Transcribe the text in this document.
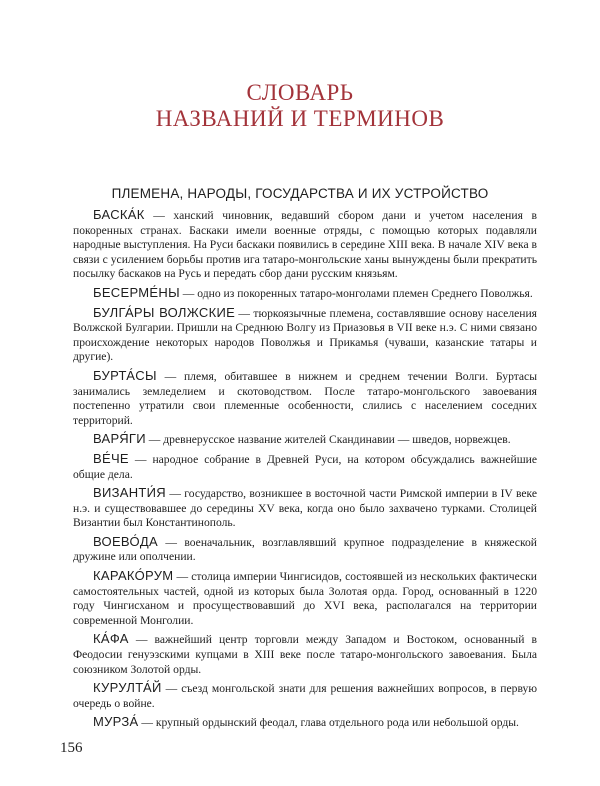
СЛОВАРЬ
НАЗВАНИЙ И ТЕРМИНОВ
ПЛЕМЕНА, НАРОДЫ, ГОСУДАРСТВА И ИХ УСТРОЙСТВО

БАСКА́К — ханский чиновник, ведавший сбором дани и учетом населения в покоренных странах. Баскаки имели военные отряды, с помощью которых подавляли народные выступления. На Руси баскаки появились в середине XIII века. В начале XIV века в связи с усилением борьбы против ига татаро-монгольские ханы вынуждены были прекратить посылку баскаков на Русь и передать сбор дани русским князьям.

БЕСЕРМЕ́НЫ — одно из покоренных татаро-монголами племен Среднего Поволжья.

БУЛГА́РЫ ВОЛЖСКИЕ — тюркоязычные племена, составлявшие основу населения Волжской Булгарии. Пришли на Среднюю Волгу из Приазовья в VII веке н.э. С ними связано происхождение некоторых народов Поволжья и Прикамья (чуваши, казанские татары и другие).

БУРТА́СЫ — племя, обитавшее в нижнем и среднем течении Волги. Буртасы занимались земледелием и скотоводством. После татаро-монгольского завоевания постепенно утратили свои племенные особенности, слились с населением соседних территорий.

ВАРЯ́ГИ — древнерусское название жителей Скандинавии — шведов, норвежцев.

ВЕ́ЧЕ — народное собрание в Древней Руси, на котором обсуждались важнейшие общие дела.

ВИЗАНТИ́Я — государство, возникшее в восточной части Римской империи в IV веке н.э. и существовавшее до середины XV века, когда оно было захвачено турками. Столицей Византии был Константинополь.

ВОЕВО́ДА — военачальник, возглавлявший крупное подразделение в княжеской дружине или ополчении.

КАРАКО́РУМ — столица империи Чингисидов, состоявшей из нескольких фактически самостоятельных частей, одной из которых была Золотая орда. Город, основанный в 1220 году Чингисханом и просуществовавший до XVI века, располагался на территории современной Монголии.

КА́ФА — важнейший центр торговли между Западом и Востоком, основанный в Феодосии генуэзскими купцами в XIII веке после татаро-монгольского завоевания. Была союзником Золотой орды.

КУРУЛТА́Й — съезд монгольской знати для решения важнейших вопросов, в первую очередь о войне.

МУРЗА́ — крупный ордынский феодал, глава отдельного рода или небольшой орды.

156
